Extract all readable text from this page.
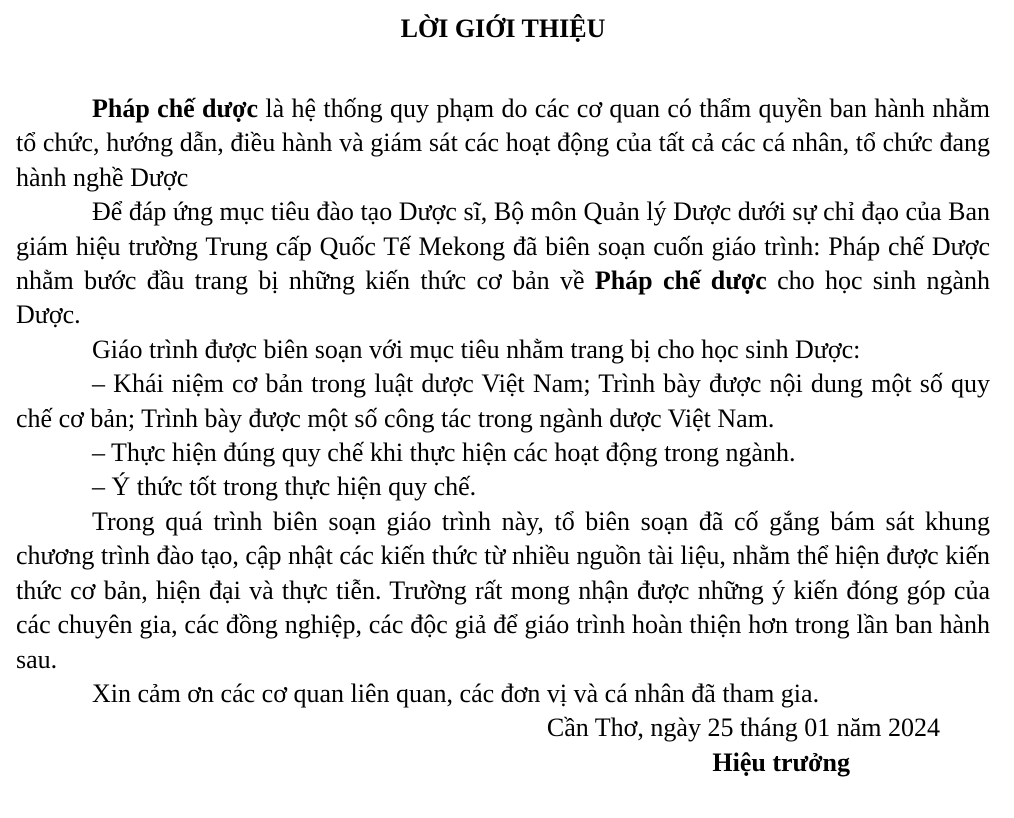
LỜI GIỚI THIỆU

Pháp chế dược là hệ thống quy phạm do các cơ quan có thẩm quyền ban hành nhằm tổ chức, hướng dẫn, điều hành và giám sát các hoạt động của tất cả các cá nhân, tổ chức đang hành nghề Dược

Để đáp ứng mục tiêu đào tạo Dược sĩ, Bộ môn Quản lý Dược dưới sự chỉ đạo của Ban giám hiệu trường Trung cấp Quốc Tế Mekong đã biên soạn cuốn giáo trình: Pháp chế Dược nhằm bước đầu trang bị những kiến thức cơ bản về Pháp chế dược cho học sinh ngành Dược.

Giáo trình được biên soạn với mục tiêu nhằm trang bị cho học sinh Dược:

– Khái niệm cơ bản trong luật dược Việt Nam; Trình bày được nội dung một số quy chế cơ bản; Trình bày được một số công tác trong ngành dược Việt Nam.

– Thực hiện đúng quy chế khi thực hiện các hoạt động trong ngành.

– Ý thức tốt trong thực hiện quy chế.

Trong quá trình biên soạn giáo trình này, tổ biên soạn đã cố gắng bám sát khung chương trình đào tạo, cập nhật các kiến thức từ nhiều nguồn tài liệu, nhằm thể hiện được kiến thức cơ bản, hiện đại và thực tiễn. Trường rất mong nhận được những ý kiến đóng góp của các chuyên gia, các đồng nghiệp, các độc giả để giáo trình hoàn thiện hơn trong lần ban hành sau.

Xin cảm ơn các cơ quan liên quan, các đơn vị và cá nhân đã tham gia.

Cần Thơ, ngày 25 tháng 01 năm 2024

Hiệu trưởng
